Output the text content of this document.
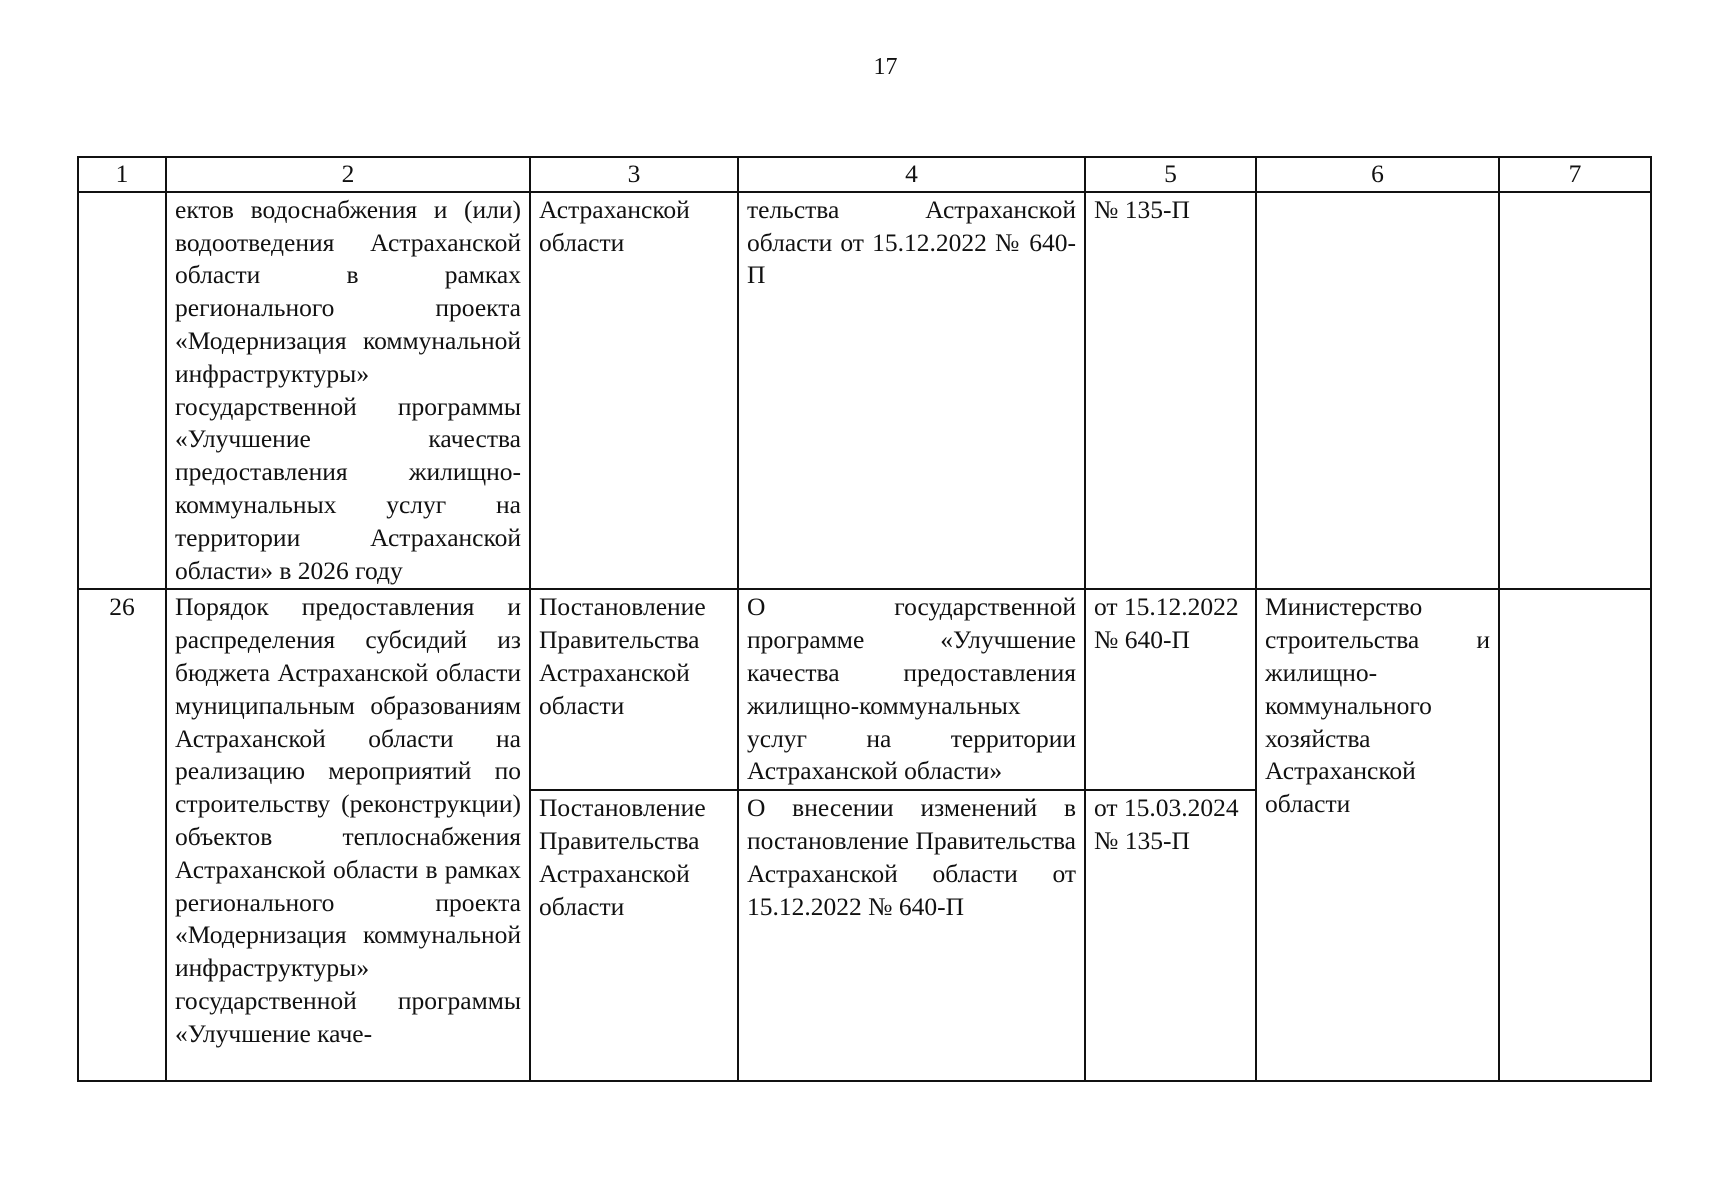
17
1	2	3	4	5	6	7
	ектов водоснабжения и (или) водоотведения Астраханской области в рамках регионального проекта «Модернизация коммунальной инфраструктуры» государственной программы «Улучшение качества предоставления жилищно-коммунальных услуг на территории Астраханской области» в 2026 году	Астраханской области	тельства Астраханской области от 15.12.2022 № 640-П	№ 135-П		
26	Порядок предоставления и распределения субсидий из бюджета Астраханской области муниципальным образованиям Астраханской области на реализацию мероприятий по строительству (реконструкции) объектов теплоснабжения Астраханской области в рамках регионального проекта «Модернизация коммунальной инфраструктуры» государственной программы «Улучшение каче-	Постановление Правительства Астраханской области	О государственной программе «Улучшение качества предоставления жилищно-коммунальных услуг на территории Астраханской области»	от 15.12.2022 № 640-П	Министерство строительства и жилищно-коммунального хозяйства Астраханской области	
		Постановление Правительства Астраханской области	О внесении изменений в постановление Правительства Астраханской области от 15.12.2022 № 640-П	от 15.03.2024 № 135-П		
